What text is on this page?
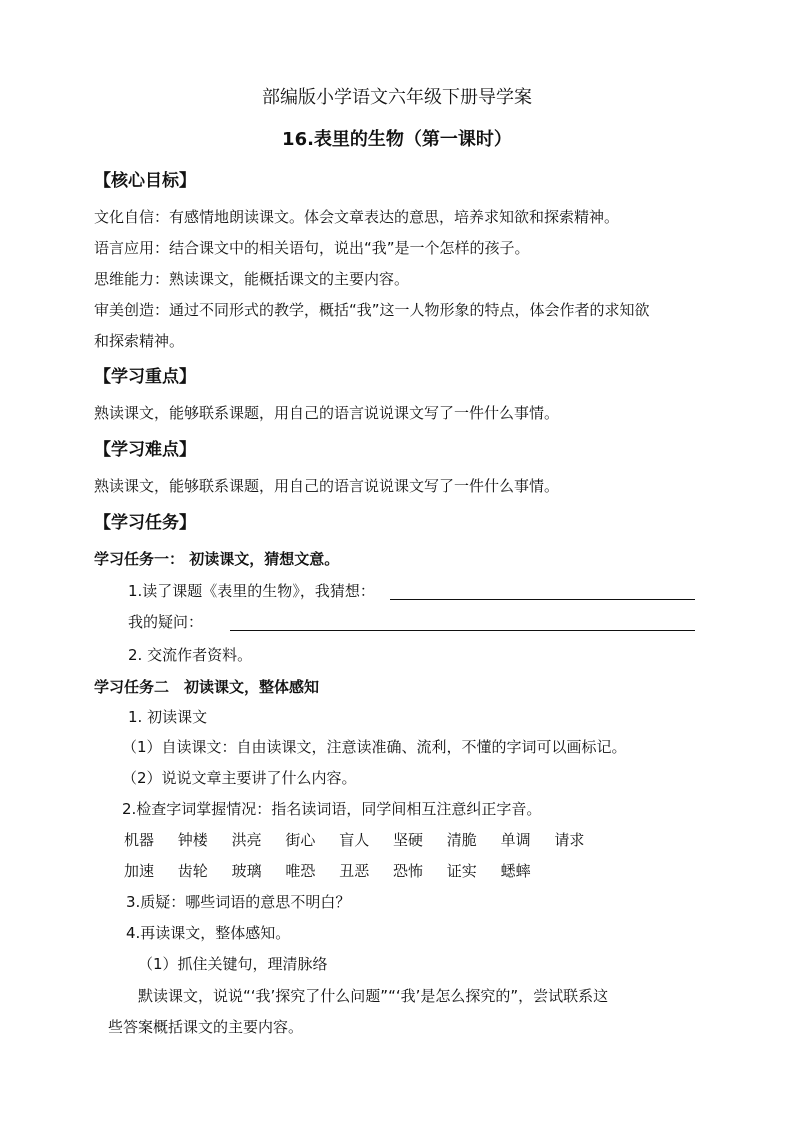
部编版小学语文六年级下册导学案
16.表里的生物（第一课时）
【核心目标】
文化自信：有感情地朗读课文。体会文章表达的意思，培养求知欲和探索精神。
语言应用：结合课文中的相关语句，说出“我”是一个怎样的孩子。
思维能力：熟读课文，能概括课文的主要内容。
审美创造：通过不同形式的教学，概括“我”这一人物形象的特点，体会作者的求知欲
和探索精神。
【学习重点】
熟读课文，能够联系课题，用自己的语言说说课文写了一件什么事情。
【学习难点】
熟读课文，能够联系课题，用自己的语言说说课文写了一件什么事情。
【学习任务】
学习任务一： 初读课文，猜想文意。
1.读了课题《表里的生物》，我猜想：
我的疑问：
2. 交流作者资料。
学习任务二　初读课文，整体感知
1. 初读课文
（1）自读课文：自由读课文，注意读准确、流利，不懂的字词可以画标记。
（2）说说文章主要讲了什么内容。
2.检查字词掌握情况：指名读词语，同学间相互注意纠正字音。
机器 钟楼 洪亮 街心 盲人 坚硬 清脆 单调 请求
加速 齿轮 玻璃 唯恐 丑恶 恐怖 证实 蟋蟀
3.质疑：哪些词语的意思不明白？
4.再读课文，整体感知。
（1）抓住关键句，理清脉络
默读课文，说说“‘我’探究了什么问题”“‘我’是怎么探究的”，尝试联系这
些答案概括课文的主要内容。
